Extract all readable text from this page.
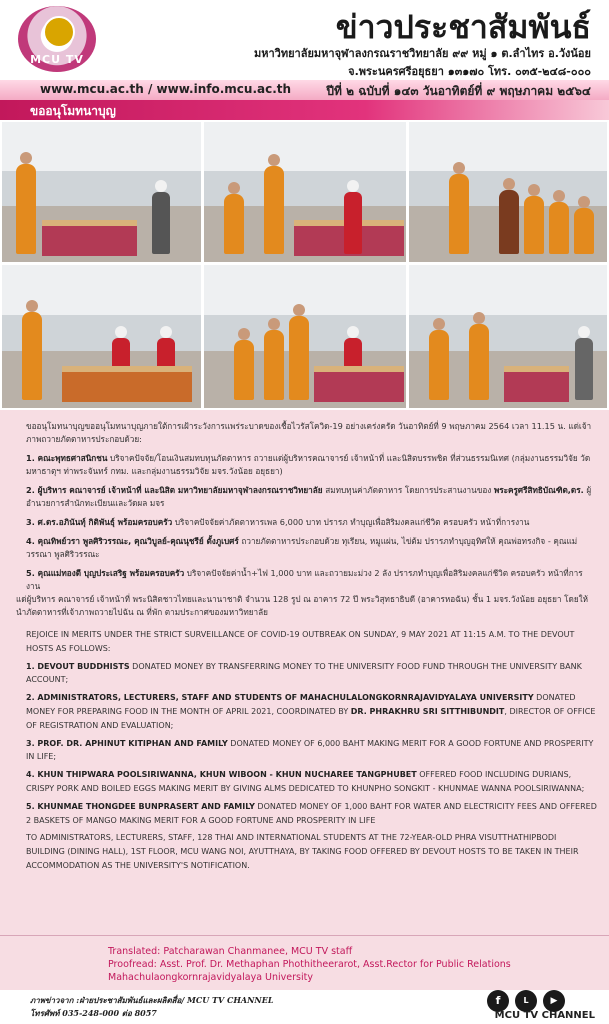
MCU TV
ข่าวประชาสัมพันธ์
มหาวิทยาลัยมหาจุฬาลงกรณราชวิทยาลัย ๙๙ หมู่ ๑ ต.ลำไทร อ.วังน้อย
จ.พระนครศรีอยุธยา ๑๓๑๗๐ โทร. ๐๓๕-๒๔๘-๐๐๐
www.mcu.ac.th / www.info.mcu.ac.th	ปีที่ ๒ ฉบับที่ ๑๔๓ วันอาทิตย์ที่ ๙ พฤษภาคม ๒๕๖๔
ขออนุโมทนาบุญ

ขออนุโมทนาบุญขออนุโมทนาบุญภายใต้การเฝ้าระวังการแพร่ระบาดของเชื้อไวรัสโควิด-19 อย่างเคร่งครัด วันอาทิตย์ที่ 9 พฤษภาคม 2564 เวลา 11.15 น. แด่เจ้าภาพถวายภัตตาหารประกอบด้วย:

1. คณะพุทธศาสนิกชน บริจาคปัจจัย/โอนเงินสมทบทุนภัตตาหาร ถวายแด่ผู้บริหารคณาจารย์ เจ้าหน้าที่ และนิสิตบรรพชิต ที่ส่วนธรรมนิเทศ (กลุ่มงานธรรมวิจัย วัดมหาธาตุฯ ท่าพระจันทร์ กทม. และกลุ่มงานธรรมวิจัย มจร.วังน้อย อยุธยา)

2. ผู้บริหาร คณาจารย์ เจ้าหน้าที่ และนิสิต มหาวิทยาลัยมหาจุฬาลงกรณราชวิทยาลัย สมทบทุนค่าภัตตาหาร โดยการประสานงานของ พระครูศรีสิทธิบัณฑิต,ดร. ผู้อำนวยการสำนักทะเบียนและวัดผล มจร

3. ศ.ดร.อภินันท์ุ กิติพันธ์ุ พร้อมครอบครัว บริจาคปัจจัยค่าภัตตาหารเพล 6,000 บาท ปรารภ ทำบุญเพื่อสิริมงคลแก่ชีวิต ครอบครัว หน้าที่การงาน

4. คุณทิพย์วรา พูลศิริวรรณะ, คุณวิบูลย์-คุณนุชรีย์ ตั้งภูเบศร์ ถวายภัตตาหารประกอบด้วย ทุเรียน, หมูแผ่น, ไข่ต้ม ปรารภทำบุญอุทิศให้ คุณพ่อทรงกิจ - คุณแม่วรรณา พูลศิริวรรณะ

5. คุณแม่ทองดี บุญประเสริฐ พร้อมครอบครัว บริจาคปัจจัยค่าน้ำ+ไฟ 1,000 บาท และถวายมะม่วง 2 ลัง ปรารภทำบุญเพื่อสิริมงคลแก่ชีวิต ครอบครัว หน้าที่การงาน

แด่ผู้บริหาร คณาจารย์ เจ้าหน้าที่ พระนิสิตชาวไทยและนานาชาติ จำนวน 128 รูป ณ อาคาร 72 ปี พระวิสุทธาธิบดี (อาคารหอฉัน) ชั้น 1 มจร.วังน้อย อยุธยา โดยให้นำภัตตาหารที่เจ้าภาพถวายไปฉัน ณ ที่พัก ตามประกาศของมหาวิทยาลัย

REJOICE IN MERITS UNDER THE STRICT SURVEILLANCE OF COVID-19 OUTBREAK ON SUNDAY, 9 MAY 2021 AT 11:15 A.M. TO THE DEVOUT HOSTS AS FOLLOWS:

1. DEVOUT BUDDHISTS DONATED MONEY BY TRANSFERRING MONEY TO THE UNIVERSITY FOOD FUND THROUGH THE UNIVERSITY BANK ACCOUNT;

2. ADMINISTRATORS, LECTURERS, STAFF AND STUDENTS OF MAHACHULALONGKORNRAJAVIDYALAYA UNIVERSITY DONATED MONEY FOR PREPARING FOOD IN THE MONTH OF APRIL 2021, COORDINATED BY DR. PHRAKHRU SRI SITTHIBUNDIT, DIRECTOR OF OFFICE OF REGISTRATION AND EVALUATION;

3. PROF. DR. APHINUT KITIPHAN AND FAMILY DONATED MONEY OF 6,000 BAHT MAKING MERIT FOR A GOOD FORTUNE AND PROSPERITY IN LIFE;

4. KHUN THIPWARA POOLSIRIWANNA, KHUN WIBOON - KHUN NUCHAREE TANGPHUBET OFFERED FOOD INCLUDING DURIANS, CRISPY PORK AND BOILED EGGS MAKING MERIT BY GIVING ALMS DEDICATED TO KHUNPHO SONGKIT - KHUNMAE WANNA POOLSIRIWANNA;

5. KHUNMAE THONGDEE BUNPRASERT AND FAMILY DONATED MONEY OF 1,000 BAHT FOR WATER AND ELECTRICITY FEES AND OFFERED 2 BASKETS OF MANGO MAKING MERIT FOR A GOOD FORTUNE AND PROSPERITY IN LIFE

TO ADMINISTRATORS, LECTURERS, STAFF, 128 THAI AND INTERNATIONAL STUDENTS AT THE 72-YEAR-OLD PHRA VISUTTHATHIPBODI BUILDING (DINING HALL), 1ST FLOOR, MCU WANG NOI, AYUTTHAYA, BY TAKING FOOD OFFERED BY DEVOUT HOSTS TO BE TAKEN IN THEIR ACCOMMODATION AS THE UNIVERSITY'S NOTIFICATION.

Translated: Patcharawan Chanmanee, MCU TV staff
Proofread: Asst. Prof. Dr. Methaphan Phothitheerarot, Asst.Rector for Public Relations
Mahachulaongkornrajavidyalaya University
ภาพข่าวจาก :ฝ่ายประชาสัมพันธ์และผลิตสื่อ/ MCU TV CHANNEL
โทรศัพท์ 035-248-000 ต่อ 8057
f	L	▶
MCU TV CHANNEL
